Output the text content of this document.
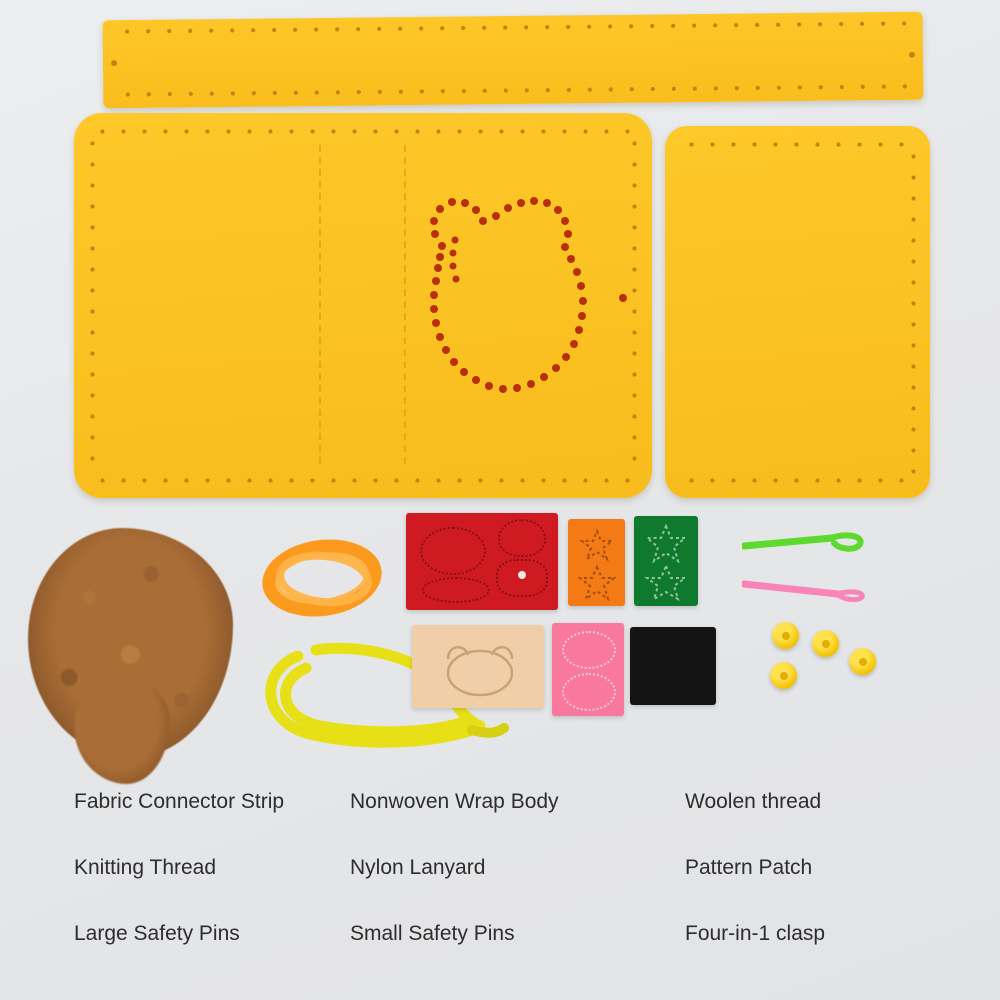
Fabric Connector Strip	Nonwoven Wrap Body	Woolen thread
Knitting Thread	Nylon Lanyard	Pattern Patch
Large Safety Pins	Small Safety Pins	Four-in-1 clasp
